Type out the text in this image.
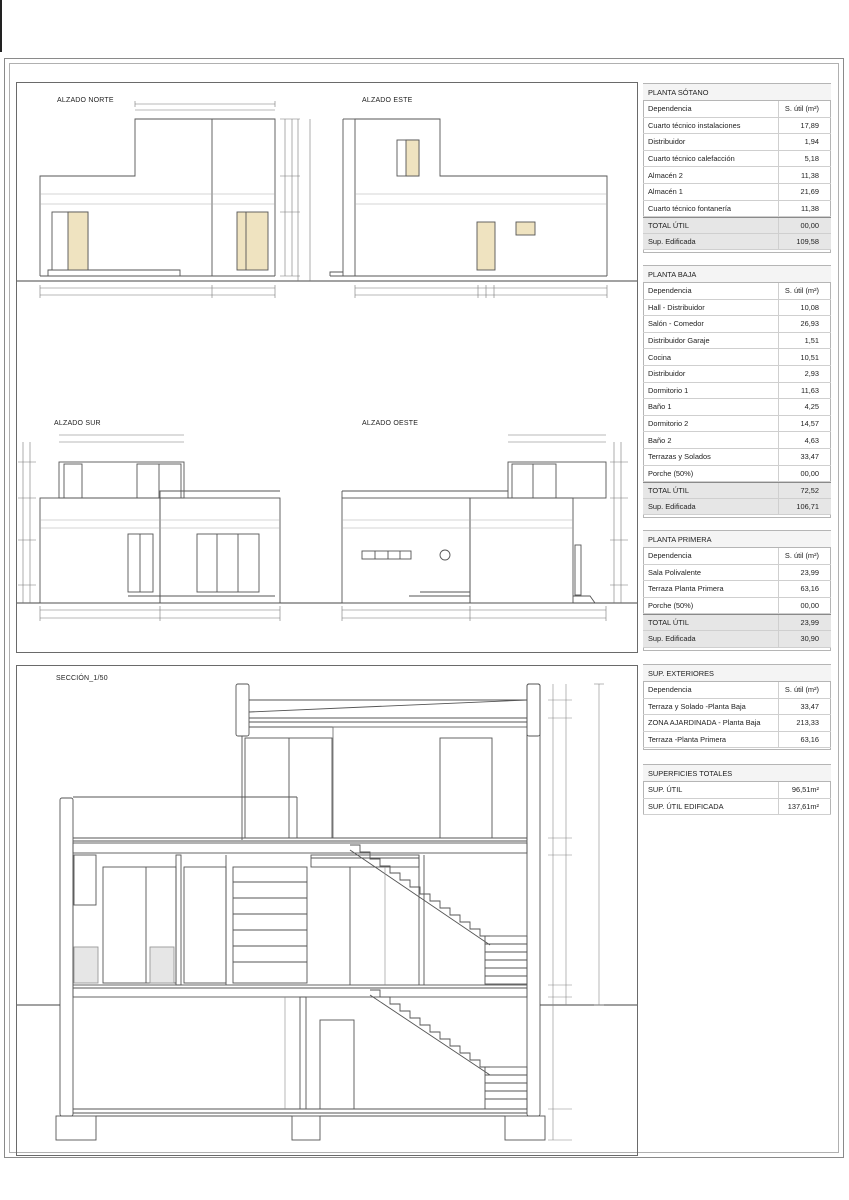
ALZADO NORTE	ALZADO ESTE
ALZADO SUR	ALZADO OESTE
SECCIÓN_1/50
PLANTA SÓTANO
Dependencia	S. útil (m²)
Cuarto técnico instalaciones	17,89
Distribuidor	1,94
Cuarto técnico calefacción	5,18
Almacén 2	11,38
Almacén 1	21,69
Cuarto técnico fontanería	11,38
TOTAL ÚTIL	00,00
Sup. Edificada	109,58
PLANTA BAJA
Dependencia	S. útil (m²)
Hall - Distribuidor	10,08
Salón - Comedor	26,93
Distribuidor Garaje	1,51
Cocina	10,51
Distribuidor	2,93
Dormitorio 1	11,63
Baño 1	4,25
Dormitorio 2	14,57
Baño 2	4,63
Terrazas y Solados	33,47
Porche (50%)	00,00
TOTAL ÚTIL	72,52
Sup. Edificada	106,71
PLANTA PRIMERA
Dependencia	S. útil (m²)
Sala Polivalente	23,99
Terraza Planta Primera	63,16
Porche (50%)	00,00
TOTAL ÚTIL	23,99
Sup. Edificada	30,90
SUP. EXTERIORES
Dependencia	S. útil (m²)
Terraza y Solado -Planta Baja	33,47
ZONA AJARDINADA - Planta Baja	213,33
Terraza -Planta Primera	63,16
SUPERFICIES TOTALES
SUP. ÚTIL	96,51m²
SUP. ÚTIL EDIFICADA	137,61m²
